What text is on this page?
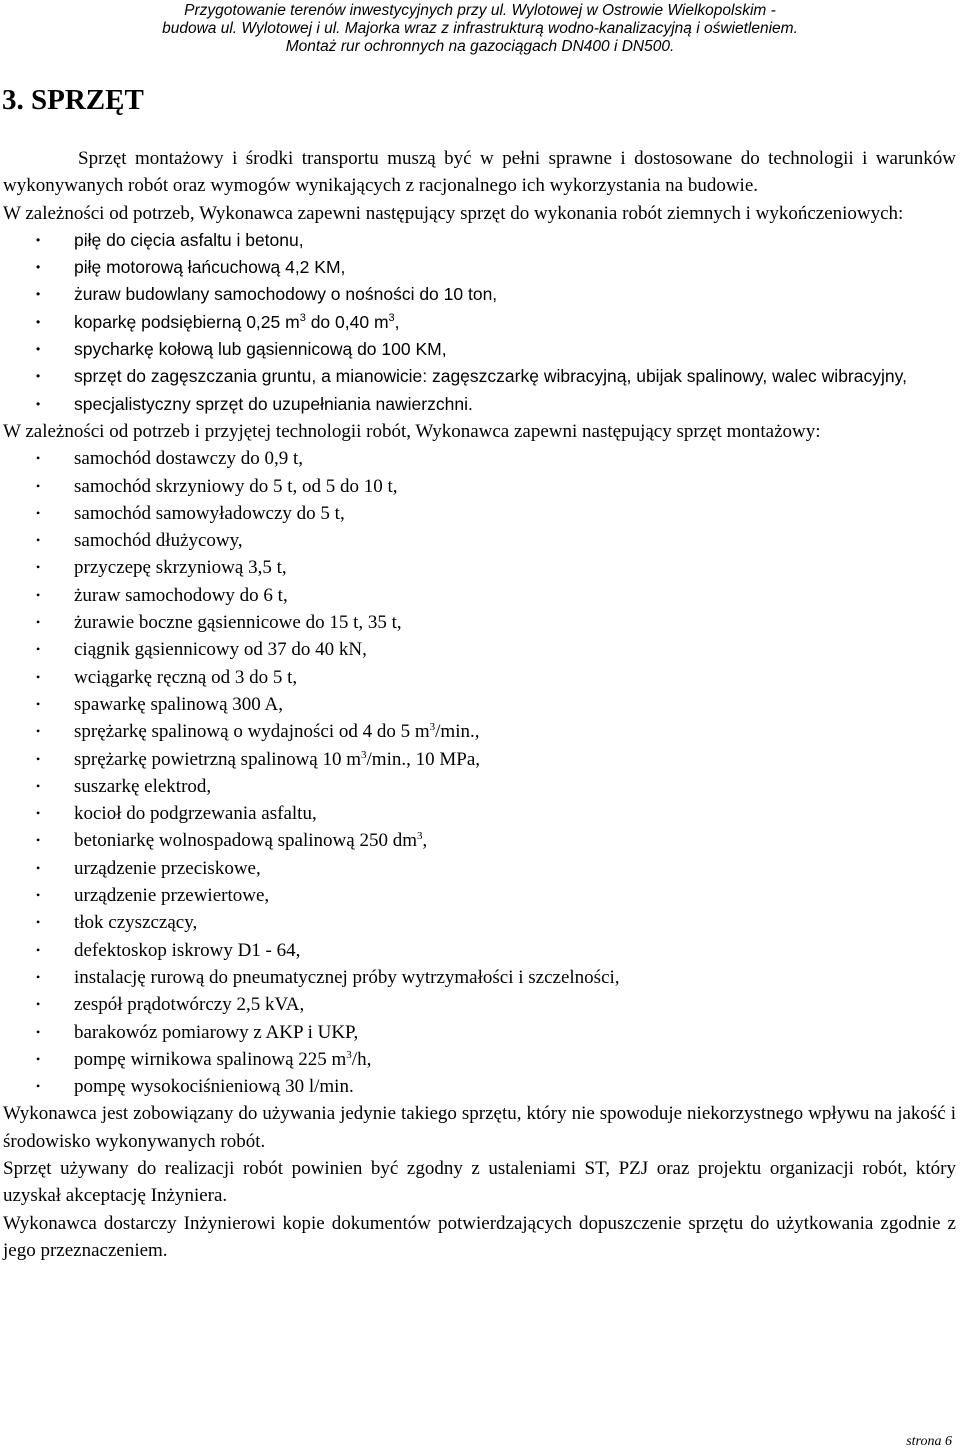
Przygotowanie terenów inwestycyjnych przy ul. Wylotowej w Ostrowie Wielkopolskim -
budowa ul. Wylotowej i ul. Majorka wraz z infrastrukturą wodno-kanalizacyjną i oświetleniem.
Montaż rur ochronnych na gazociągach DN400 i DN500.
3. SPRZĘT

Sprzęt montażowy i środki transportu muszą być w pełni sprawne i dostosowane do technologii i warunków wykonywanych robót oraz wymogów wynikających z racjonalnego ich wykorzystania na budowie.

W zależności od potrzeb, Wykonawca zapewni następujący sprzęt do wykonania robót ziemnych i wykończeniowych:

• piłę do cięcia asfaltu i betonu,
• piłę motorową łańcuchową 4,2 KM,
• żuraw budowlany samochodowy o nośności do 10 ton,
• koparkę podsiębierną 0,25 $m^3$ do 0,40 $m^3$,
• spycharkę kołową lub gąsiennicową do 100 KM,
• sprzęt do zagęszczania gruntu, a mianowicie: zagęszczarkę wibracyjną, ubijak spalinowy, walec wibracyjny,
• specjalistyczny sprzęt do uzupełniania nawierzchni.

W zależności od potrzeb i przyjętej technologii robót, Wykonawca zapewni następujący sprzęt montażowy:

• samochód dostawczy do 0,9 t,
• samochód skrzyniowy do 5 t, od 5 do 10 t,
• samochód samowyładowczy do 5 t,
• samochód dłużycowy,
• przyczepę skrzyniową 3,5 t,
• żuraw samochodowy do 6 t,
• żurawie boczne gąsiennicowe do 15 t, 35 t,
• ciągnik gąsiennicowy od 37 do 40 kN,
• wciągarkę ręczną od 3 do 5 t,
• spawarkę spalinową 300 A,
• sprężarkę spalinową o wydajności od 4 do 5 $m^3/\min$.,
• sprężarkę powietrzną spalinową 10 $m^3/\min$., 10 MPa,
• suszarkę elektrod,
• kocioł do podgrzewania asfaltu,
• betoniarkę wolnospadową spalinową 250 $dm^3$,
• urządzenie przeciskowe,
• urządzenie przewiertowe,
• tłok czyszczący,
• defektoskop iskrowy D1 - 64,
• instalację rurową do pneumatycznej próby wytrzymałości i szczelności,
• zespół prądotwórczy 2,5 kVA,
• barakowóz pomiarowy z AKP i UKP,
• pompę wirnikowa spalinową 225 $m^3/h$,
• pompę wysokociśnieniową 30 l/min.

Wykonawca jest zobowiązany do używania jedynie takiego sprzętu, który nie spowoduje niekorzystnego wpływu na jakość i środowisko wykonywanych robót.

Sprzęt używany do realizacji robót powinien być zgodny z ustaleniami ST, PZJ oraz projektu organizacji robót, który uzyskał akceptację Inżyniera.

Wykonawca dostarczy Inżynierowi kopie dokumentów potwierdzających dopuszczenie sprzętu do użytkowania zgodnie z jego przeznaczeniem.

strona 6
